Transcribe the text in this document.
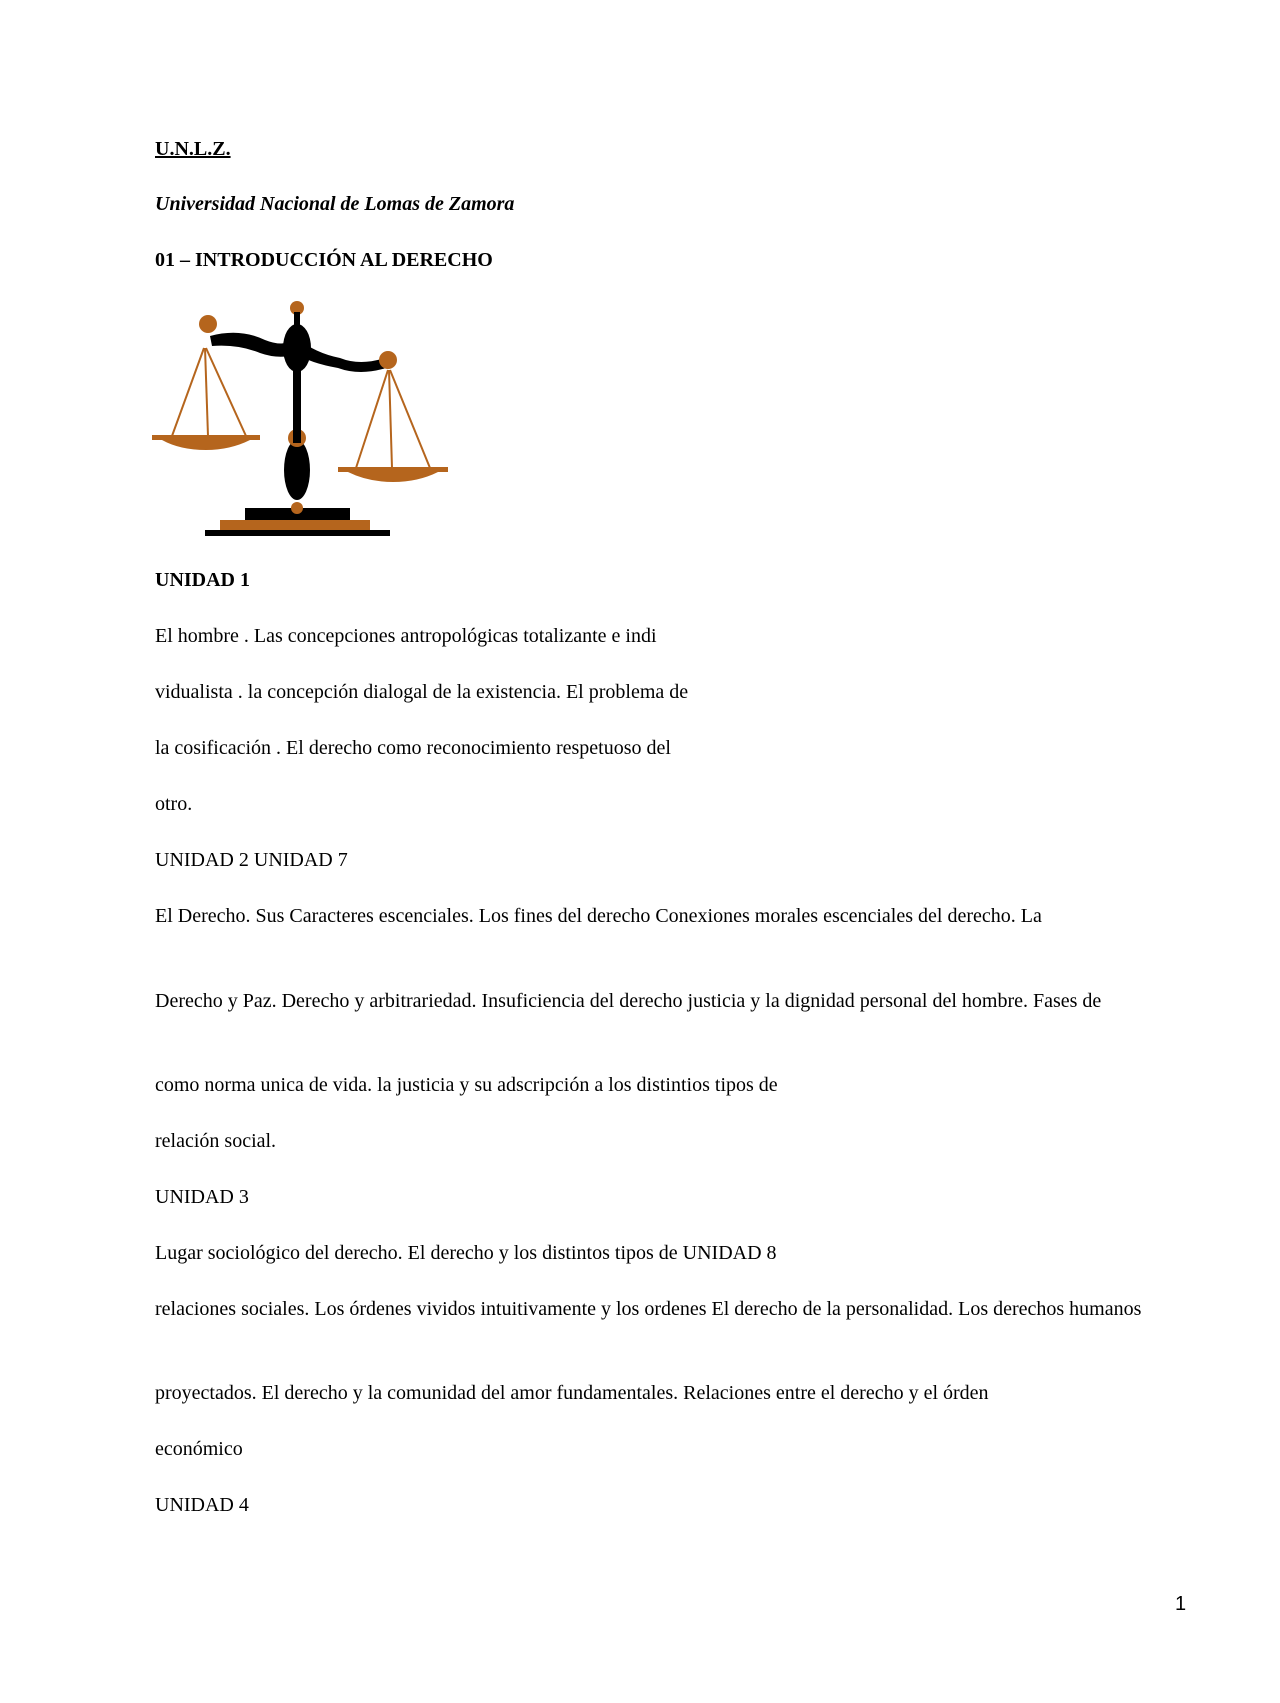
U.N.L.Z.
Universidad Nacional de Lomas de Zamora
01 – INTRODUCCIÓN AL DERECHO
UNIDAD 1
El hombre . Las concepciones antropológicas totalizante e indi
vidualista . la concepción dialogal de la existencia. El problema de
la cosificación . El derecho como reconocimiento respetuoso del
otro.
UNIDAD 2 UNIDAD 7
El Derecho. Sus Caracteres escenciales. Los fines del derecho Conexiones morales escenciales del derecho. La
Derecho y Paz. Derecho y arbitrariedad. Insuficiencia del derecho justicia y la dignidad personal del hombre. Fases de
como norma unica de vida. la justicia y su adscripción a los distintios tipos de
relación social.
UNIDAD 3
Lugar sociológico del derecho. El derecho y los distintos tipos de UNIDAD 8
relaciones sociales. Los órdenes vividos intuitivamente y los ordenes El derecho de la personalidad. Los derechos humanos
proyectados. El derecho y la comunidad del amor fundamentales. Relaciones entre el derecho y el órden
económico
UNIDAD 4
1
